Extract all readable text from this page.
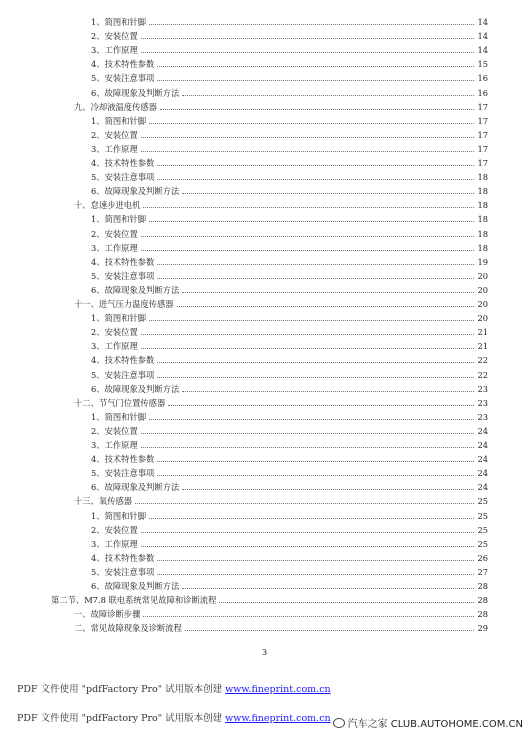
1、简图和针脚	14
2、安装位置	14
3、工作原理	14
4、技术特性参数	15
5、安装注意事项	16
6、故障现象及判断方法	16
九、冷却液温度传感器	17
1、简图和针脚	17
2、安装位置	17
3、工作原理	17
4、技术特性参数	17
5、安装注意事项	18
6、故障现象及判断方法	18
十、怠速步进电机	18
1、简图和针脚	18
2、安装位置	18
3、工作原理	18
4、技术特性参数	19
5、安装注意事项	20
6、故障现象及判断方法	20
十一、进气压力温度传感器	20
1、简图和针脚	20
2、安装位置	21
3、工作原理	21
4、技术特性参数	22
5、安装注意事项	22
6、故障现象及判断方法	23
十二、节气门位置传感器	23
1、简图和针脚	23
2、安装位置	24
3、工作原理	24
4、技术特性参数	24
5、安装注意事项	24
6、故障现象及判断方法	24
十三、氧传感器	25
1、简图和针脚	25
2、安装位置	25
3、工作原理	25
4、技术特性参数	26
5、安装注意事项	27
6、故障现象及判断方法	28
第二节、M7.8 联电系统常见故障和诊断流程	28
一、故障诊断步骤	28
二、常见故障现象及诊断流程	29
3
PDF 文件使用 "pdfFactory Pro" 试用版本创建 www.fineprint.com.cn
PDF 文件使用 "pdfFactory Pro" 试用版本创建 www.fineprint.com.cn
汽车之家 CLUB.AUTOHOME.COM.CN
